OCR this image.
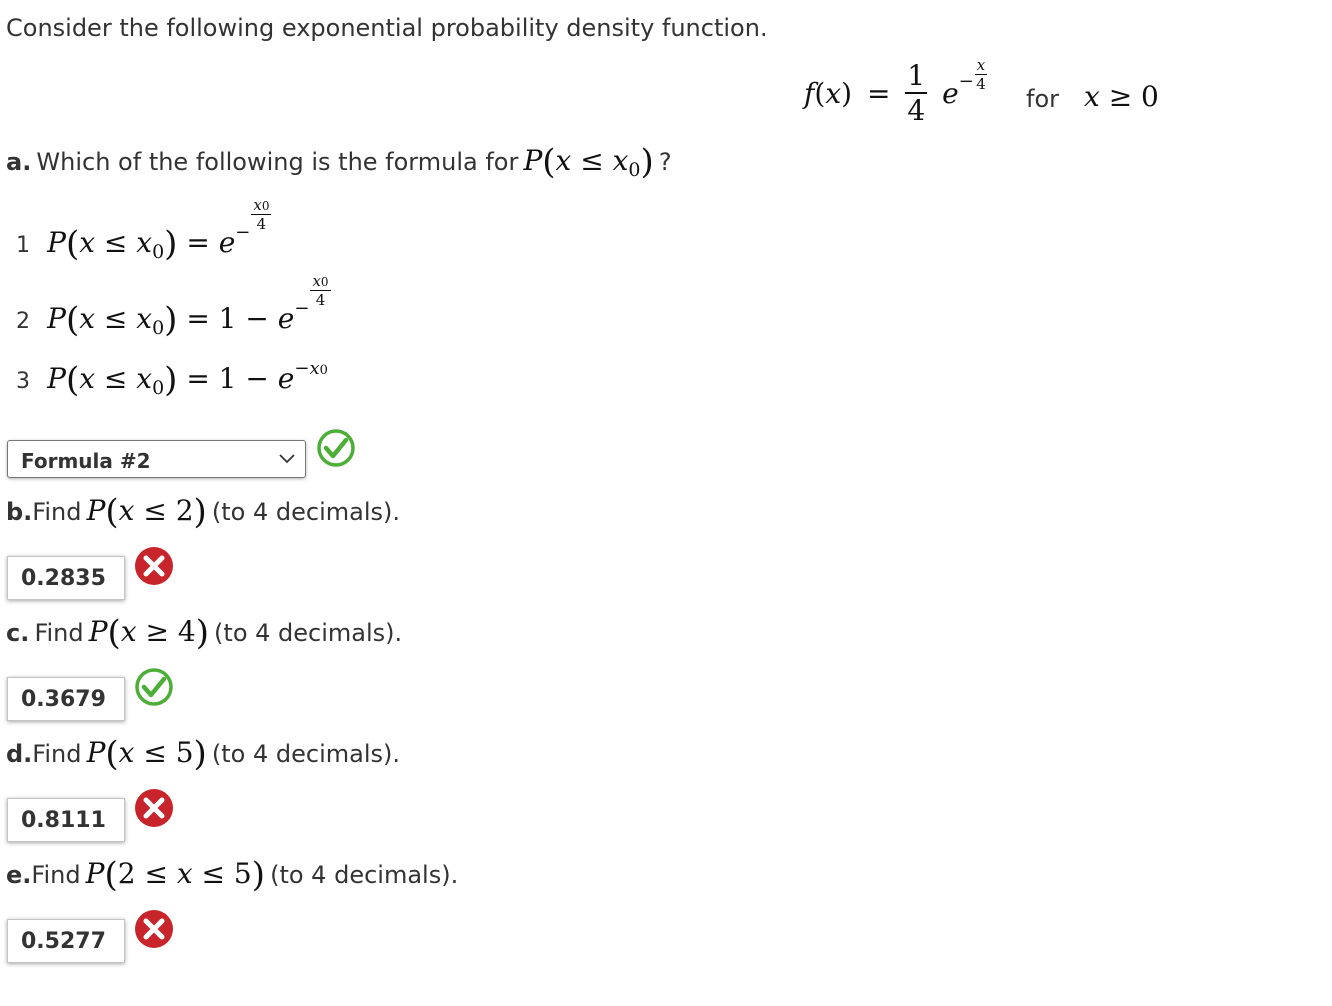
Consider the following exponential probability density function.
$f(x) = \frac{1}{4} e- \frac{x}{4}$
for x ≥ 0
a. Which of the following is the formula for $P(x \le x_0)$ ?
1 $P(x \le x_0) = e-$
$\frac{x0}{4}$
2 $P(x \le x_0) = 1 - e-$
$\frac{x0}{4}$
3 $P(x \le x_0) = 1 - e^{-x0}$
Formula #2
b.Find P(x ≤ 2) (to 4 decimals).
0.2835
c. Find P(x ≥ 4) (to 4 decimals).
0.3679
d.Find P(x ≤ 5) (to 4 decimals).
0.8111
e.Find P(2 ≤ x ≤ 5) (to 4 decimals).
0.5277
